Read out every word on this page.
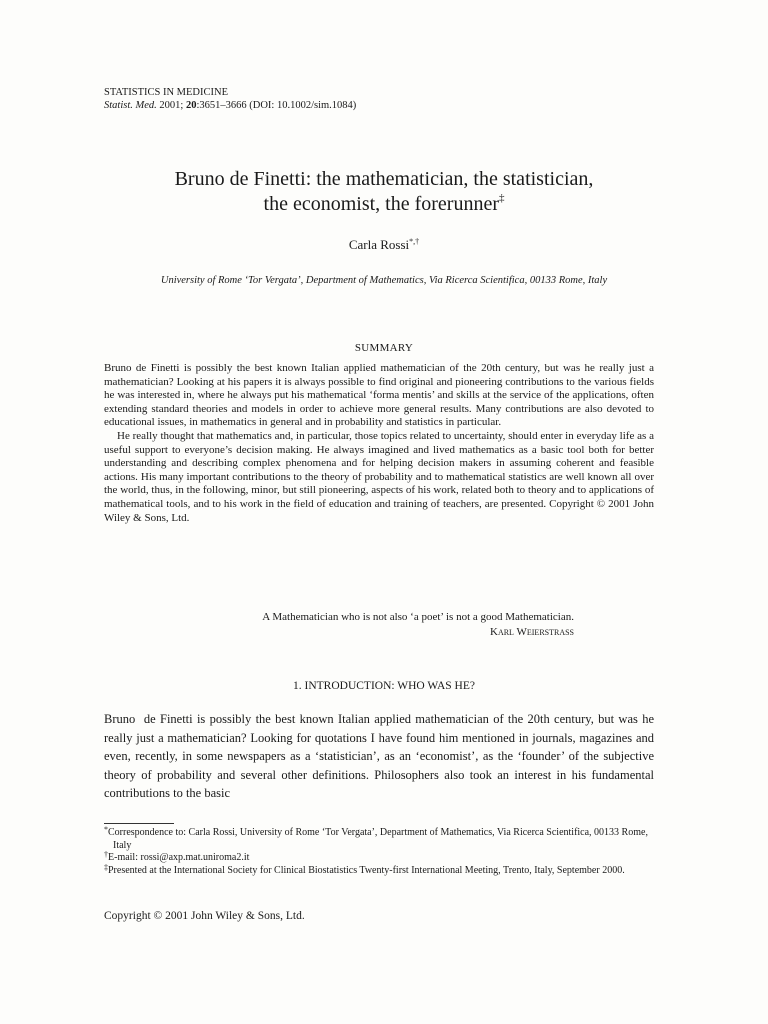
STATISTICS IN MEDICINE
Statist. Med. 2001; 20:3651–3666 (DOI: 10.1002/sim.1084)
Bruno de Finetti: the mathematician, the statistician,
the economist, the forerunner‡
Carla Rossi*,†
University of Rome ‘Tor Vergata’, Department of Mathematics, Via Ricerca Scientifica, 00133 Rome, Italy
SUMMARY

Bruno de Finetti is possibly the best known Italian applied mathematician of the 20th century, but was he really just a mathematician? Looking at his papers it is always possible to find original and pioneering contributions to the various fields he was interested in, where he always put his mathematical ‘forma mentis’ and skills at the service of the applications, often extending standard theories and models in order to achieve more general results. Many contributions are also devoted to educational issues, in mathematics in general and in probability and statistics in particular.

He really thought that mathematics and, in particular, those topics related to uncertainty, should enter in everyday life as a useful support to everyone’s decision making. He always imagined and lived mathematics as a basic tool both for better understanding and describing complex phenomena and for helping decision makers in assuming coherent and feasible actions. His many important contributions to the theory of probability and to mathematical statistics are well known all over the world, thus, in the following, minor, but still pioneering, aspects of his work, related both to theory and to applications of mathematical tools, and to his work in the field of education and training of teachers, are presented. Copyright © 2001 John Wiley & Sons, Ltd.

A Mathematician who is not also ‘a poet’ is not a good Mathematician.
Karl Weierstrass
1. INTRODUCTION: WHO WAS HE?

Bruno  de Finetti is possibly the best known Italian applied mathematician of the 20th century, but was he really just a mathematician? Looking for quotations I have found him mentioned in journals, magazines and even, recently, in some newspapers as a ‘statistician’, as an ‘economist’, as the ‘founder’ of the subjective theory of probability and several other definitions. Philosophers also took an interest in his fundamental contributions to the basic

*Correspondence to: Carla Rossi, University of Rome ‘Tor Vergata’, Department of Mathematics, Via Ricerca Scientifica, 00133 Rome, Italy

†E-mail: rossi@axp.mat.uniroma2.it

‡Presented at the International Society for Clinical Biostatistics Twenty-first International Meeting, Trento, Italy, September 2000.

Copyright © 2001 John Wiley & Sons, Ltd.
